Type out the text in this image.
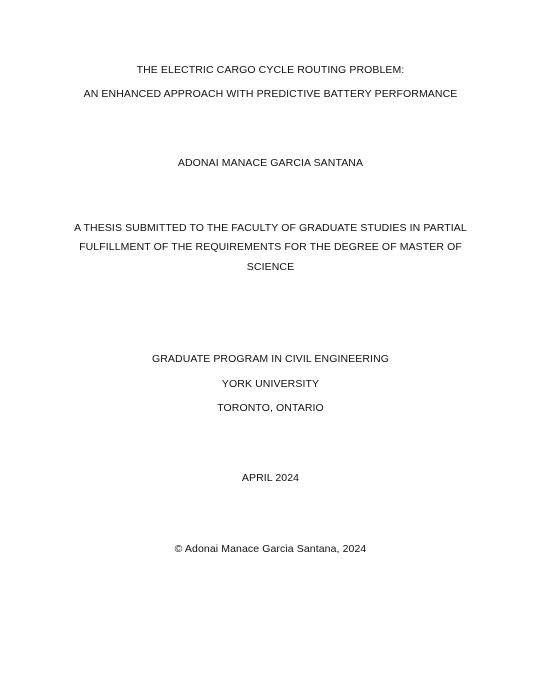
THE ELECTRIC CARGO CYCLE ROUTING PROBLEM:
AN ENHANCED APPROACH WITH PREDICTIVE BATTERY PERFORMANCE
ADONAI MANACE GARCIA SANTANA
A THESIS SUBMITTED TO THE FACULTY OF GRADUATE STUDIES IN PARTIAL
FULFILLMENT OF THE REQUIREMENTS FOR THE DEGREE OF MASTER OF
SCIENCE
GRADUATE PROGRAM IN CIVIL ENGINEERING
YORK UNIVERSITY
TORONTO, ONTARIO
APRIL 2024
© Adonai Manace Garcia Santana, 2024
